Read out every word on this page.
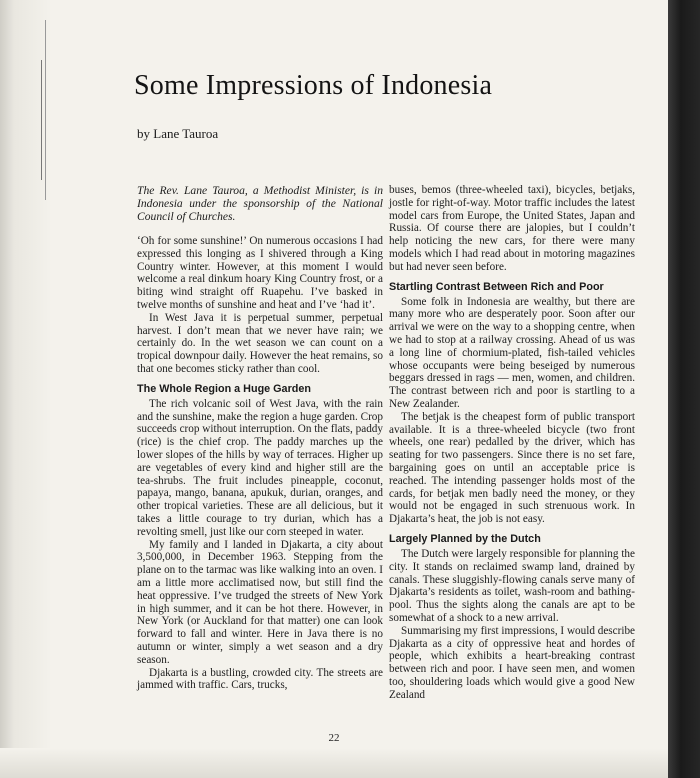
Some Impressions of Indonesia

by Lane Tauroa

The Rev. Lane Tauroa, a Methodist Minister, is in Indonesia under the sponsorship of the National Council of Churches.

‘Oh for some sunshine!’ On numerous occasions I had expressed this longing as I shivered through a King Country winter. However, at this moment I would welcome a real dinkum hoary King Country frost, or a biting wind straight off Ruapehu. I’ve basked in twelve months of sunshine and heat and I’ve ‘had it’.

In West Java it is perpetual summer, perpetual harvest. I don’t mean that we never have rain; we certainly do. In the wet season we can count on a tropical downpour daily. However the heat remains, so that one becomes sticky rather than cool.

The Whole Region a Huge Garden

The rich volcanic soil of West Java, with the rain and the sunshine, make the region a huge garden. Crop succeeds crop without interruption. On the flats, paddy (rice) is the chief crop. The paddy marches up the lower slopes of the hills by way of terraces. Higher up are vegetables of every kind and higher still are the tea-shrubs. The fruit includes pineapple, coconut, papaya, mango, banana, apukuk, durian, oranges, and other tropical varieties. These are all delicious, but it takes a little courage to try durian, which has a revolting smell, just like our corn steeped in water.

My family and I landed in Djakarta, a city about 3,500,000, in December 1963. Stepping from the plane on to the tarmac was like walking into an oven. I am a little more acclimatised now, but still find the heat oppressive. I’ve trudged the streets of New York in high summer, and it can be hot there. However, in New York (or Auckland for that matter) one can look forward to fall and winter. Here in Java there is no autumn or winter, simply a wet season and a dry season.

Djakarta is a bustling, crowded city. The streets are jammed with traffic. Cars, trucks,

buses, bemos (three-wheeled taxi), bicycles, betjaks, jostle for right-of-way. Motor traffic includes the latest model cars from Europe, the United States, Japan and Russia. Of course there are jalopies, but I couldn’t help noticing the new cars, for there were many models which I had read about in motoring magazines but had never seen before.

Startling Contrast Between Rich and Poor

Some folk in Indonesia are wealthy, but there are many more who are desperately poor. Soon after our arrival we were on the way to a shopping centre, when we had to stop at a railway crossing. Ahead of us was a long line of chormium-plated, fish-tailed vehicles whose occupants were being beseiged by numerous beggars dressed in rags — men, women, and children. The contrast between rich and poor is startling to a New Zealander.

The betjak is the cheapest form of public transport available. It is a three-wheeled bicycle (two front wheels, one rear) pedalled by the driver, which has seating for two passengers. Since there is no set fare, bargaining goes on until an acceptable price is reached. The intending passenger holds most of the cards, for betjak men badly need the money, or they would not be engaged in such strenuous work. In Djakarta’s heat, the job is not easy.

Largely Planned by the Dutch

The Dutch were largely responsible for planning the city. It stands on reclaimed swamp land, drained by canals. These sluggishly-flowing canals serve many of Djakarta’s residents as toilet, wash-room and bathing-pool. Thus the sights along the canals are apt to be somewhat of a shock to a new arrival.

Summarising my first impressions, I would describe Djakarta as a city of oppressive heat and hordes of people, which exhibits a heart-breaking contrast between rich and poor. I have seen men, and women too, shouldering loads which would give a good New Zealand

22
